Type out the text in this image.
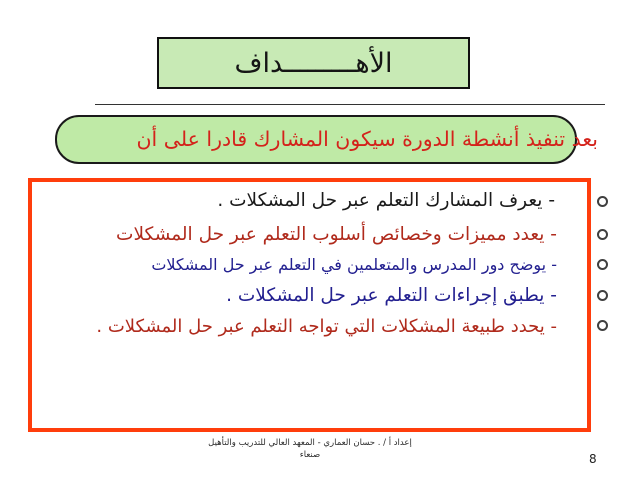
الأهـــــــــداف
بعد تنفيذ أنشطة الدورة سيكون المشارك قادرا على أن
- يعرف المشارك التعلم عبر حل المشكلات .
- يعدد مميزات وخصائص أسلوب التعلم عبر حل المشكلات
- يوضح دور المدرس والمتعلمين في التعلم عبر حل المشكلات
- يطبق إجراءات التعلم عبر حل المشكلات .
- يحدد طبيعة المشكلات التي تواجه التعلم عبر حل المشكلات .
إعداد أ / . حسان العماري - المعهد العالي للتدريب والتأهيل صنعاء	8
